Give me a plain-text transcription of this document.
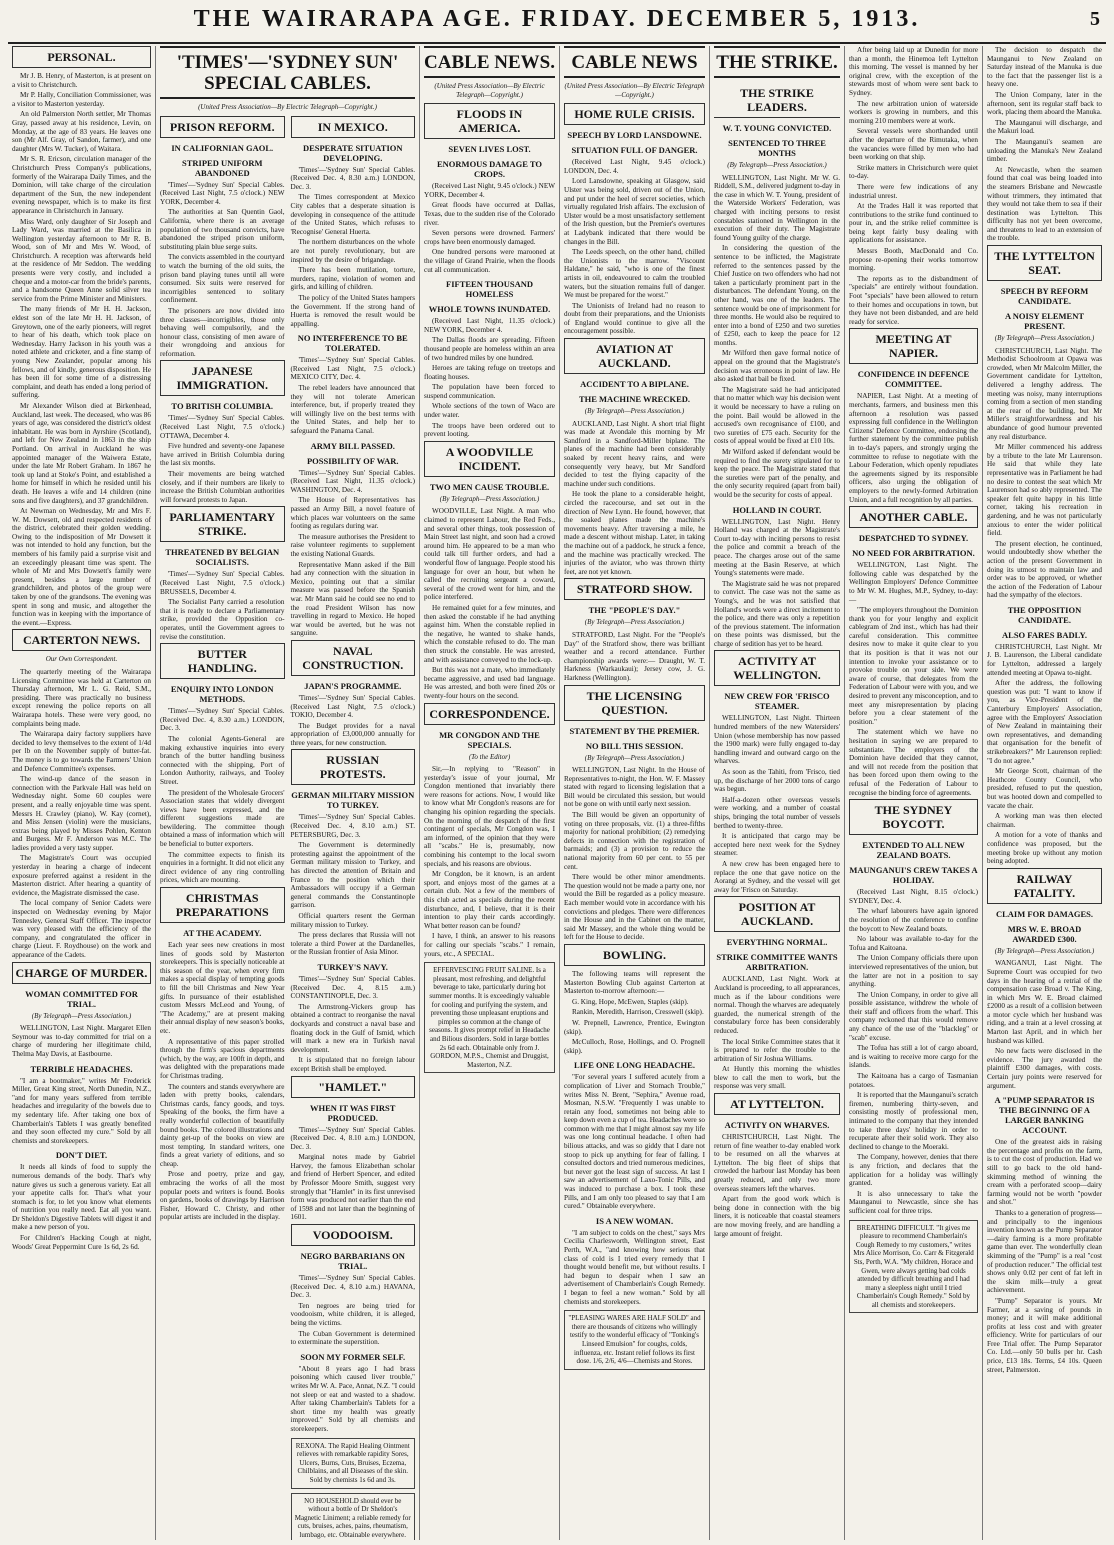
THE WAIRARAPA AGE. FRIDAY. DECEMBER 5, 1913.	5
PERSONAL.

Mr J. B. Henry, of Masterton, is at present on a visit to Christchurch.

Mr P. Hally, Conciliation Commissioner, was a visitor to Masterton yesterday.

An old Palmerston North settler, Mr Thomas Gray, passed away at his residence, Levin, on Monday, at the age of 83 years. He leaves one son (Mr Alf. Gray, of Sandon, farmer), and one daughter (Mrs W. Tucker), of Waitara.

Mr S. R. Ericson, circulation manager of the Christchurch Press Company's publications, formerly of the Wairarapa Daily Times, and the Dominion, will take charge of the circulation department of the Sun, the new independent evening newspaper, which is to make its first appearance in Christchurch in January.

Miss Ward, only daughter of Sir Joseph and Lady Ward, was married at the Basilica in Wellington yesterday afternoon to Mr R. B. Wood, son of Mr and Mrs W. Wood, of Christchurch. A reception was afterwards held at the residence of Mr Seddon. The wedding presents were very costly, and included a cheque and a motor-car from the bride's parents, and a handsome Queen Anne solid silver tea service from the Prime Minister and Ministers.

The many friends of Mr H. H. Jackson, eldest son of the late Mr H. H. Jackson, of Greytown, one of the early pioneers, will regret to hear of his death, which took place on Wednesday. Harry Jackson in his youth was a noted athlete and cricketer, and a fine stamp of young New Zealander, popular among his fellows, and of kindly, generous disposition. He has been ill for some time of a distressing complaint, and death has ended a long period of suffering.

Mr Alexander Wilson died at Birkenhead, Auckland, last week. The deceased, who was 86 years of age, was considered the district's oldest inhabitant. He was born in Ayrshire (Scotland), and left for New Zealand in 1863 in the ship Portland. On arrival in Auckland he was appointed manager of the Waiwera Estate, under the late Mr Robert Graham. In 1867 he took up land at Stoke's Point, and established a home for himself in which he resided until his death. He leaves a wife and 14 children (nine sons and five daughters), and 37 grandchildren.

At Newman on Wednesday, Mr and Mrs F. W. M. Dowsett, old and respected residents of the district, celebrated their golden wedding. Owing to the indisposition of Mr Dowsett it was not intended to hold any function, but the members of his family paid a surprise visit and an exceedingly pleasant time was spent. The whole of Mr and Mrs Dowsett's family were present, besides a large number of grandchildren, and photos of the group were taken by one of the grandsons. The evening was spent in song and music, and altogether the function was in keeping with the importance of the event.—Express.

CARTERTON NEWS.
Our Own Correspondent.

The quarterly meeting of the Wairarapa Licensing Committee was held at Carterton on Thursday afternoon, Mr L. G. Reid, S.M., presiding. There was practically no business except renewing the police reports on all Wairarapa hotels. These were very good, no complaints being made.

The Wairarapa dairy factory suppliers have decided to levy themselves to the extent of 1/4d per lb on the November supply of butter-fat. The money is to go towards the Farmers' Union and Defence Committee's expenses.

The wind-up dance of the season in connection with the Parkvale Hall was held on Wednesday night. Some 60 couples were present, and a really enjoyable time was spent. Messrs H. Crawley (piano), W. Kay (cornet), and Miss Jensen (violin) were the musicians, extras being played by Misses Pohlen, Kenton and Burgess. Mr F. Anderson was M.C. The ladies provided a very tasty supper.

The Magistrate's Court was occupied yesterday in hearing a charge of indecent exposure preferred against a resident in the Masterton district. After hearing a quantity of evidence, the Magistrate dismissed the case.

The local company of Senior Cadets were inspected on Wednesday evening by Major Tennesley, General Staff Officer. The inspector was very pleased with the efficiency of the company, and congratulated the officer in charge (Lieut. F. Roydhouse) on the work and appearance of the Cadets.

CHARGE OF MURDER.
WOMAN COMMITTED FOR TRIAL.
(By Telegraph—Press Association.)

WELLINGTON, Last Night. Margaret Ellen Seymour was to-day committed for trial on a charge of murdering her illegitimate child, Thelma May Davis, at Eastbourne.

TERRIBLE HEADACHES.

"I am a bootmaker," writes Mr Frederick Miller, Great King street, North Dunedin, N.Z., "and for many years suffered from terrible headaches and irregularity of the bowels due to my sedentary life. After taking one box of Chamberlain's Tablets I was greatly benefited and they soon effected my cure." Sold by all chemists and storekeepers.

DON'T DIET.

It needs all kinds of food to supply the numerous demands of the body. That's why nature gives us such a generous variety. Eat all your appetite calls for. That's what your stomach is for, to let you know what elements of nutrition you really need. Eat all you want. Dr Sheldon's Digestive Tablets will digest it and make a new person of you.

For Children's Hacking Cough at night, Woods' Great Peppermint Cure 1s 6d, 2s 6d.

'TIMES'—'SYDNEY SUN' SPECIAL CABLES.
(United Press Association—By Electric Telegraph—Copyright.)
PRISON REFORM.
IN CALIFORNIAN GAOL.
STRIPED UNIFORM ABANDONED

'Times'—'Sydney Sun' Special Cables. (Received Last Night, 7.5 o'clock.) NEW YORK, December 4.

The authorities at San Quentin Gaol, California, where there is an average population of two thousand convicts, have abandoned the striped prison uniform, substituting plain blue serge suits.

The convicts assembled in the courtyard to watch the burning of the old suits, the prison band playing tunes until all were consumed. Six suits were reserved for incorrigibles sentenced to solitary confinement.

The prisoners are now divided into three classes—incorrigibles, those only behaving well compulsorily, and the honour class, consisting of men aware of their wrongdoing and anxious for reformation.

JAPANESE IMMIGRATION.
TO BRITISH COLUMBIA.

'Times'—'Sydney Sun' Special Cables. (Received Last Night, 7.5 o'clock.) OTTAWA, December 4.

Five hundred and seventy-one Japanese have arrived in British Columbia during the last six months.

Their movements are being watched closely, and if their numbers are likely to increase the British Columbian authorities will forward protests to Japan.

PARLIAMENTARY STRIKE.
THREATENED BY BELGIAN SOCIALISTS.

'Times'—'Sydney Sun' Special Cables. (Received Last Night, 7.5 o'clock.) BRUSSELS, December 4.

The Socialist Party carried a resolution that it is ready to declare a Parliamentary strike, provided the Opposition co-operates, until the Government agrees to revise the constitution.

BUTTER HANDLING.
ENQUIRY INTO LONDON METHODS.

'Times'—'Sydney Sun' Special Cables. (Received Dec. 4, 8.30 a.m.) LONDON, Dec. 3.

The colonial Agents-General are making exhaustive inquiries into every branch of the butter handling business connected with the shipping, Port of London Authority, railways, and Tooley Street.

The president of the Wholesale Grocers' Association states that widely divergent views have been expressed, and the different suggestions made are bewildering. The committee though obtained a mass of information which will be beneficial to butter exporters.

The committee expects to finish its enquiries in a fortnight. It did not elicit any direct evidence of any ring controlling prices, which are mounting.

CHRISTMAS PREPARATIONS
AT THE ACADEMY.

Each year sees new creations in most lines of goods sold by Masterton storekeepers. This is specially noticeable at this season of the year, when every firm makes a special display of tempting goods to fill the bill Christmas and New Year gifts. In pursuance of their established custom Messrs McLeod and Young, of "The Academy," are at present making their annual display of new season's books, etc.

A representative of this paper strolled through the firm's spacious departments (which, by the way, are 100ft in depth, and was delighted with the preparations made for Christmas trading.

The counters and stands everywhere are laden with pretty books, calendars, Christmas cards, fancy goods, and toys. Speaking of the books, the firm have a really wonderful collection of beautifully bound books. The colored illustrations and dainty get-up of the books on view are most tempting. In standard writers, one finds a great variety of editions, and so cheap.

Prose and poetry, prize and gay, embracing the works of all the most popular poets and writers is found. Books on gardens, books of drawings by Harrison Fisher, Howard C. Christy, and other popular artists are included in the display.

IN MEXICO.
DESPERATE SITUATION DEVELOPING.

'Times'—'Sydney Sun' Special Cables. (Received Dec. 4, 8.30 a.m.) LONDON, Dec. 3.

The Times correspondent at Mexico City cables that a desperate situation is developing in consequence of the attitude of the United States, which refuses to 'Recognise' General Huerta.

The northern disturbances on the whole are not purely revolutionary, but are inspired by the desire of brigandage.

There has been mutilation, torture, murders, rapine, violation of women and girls, and killing of children.

The policy of the United States hampers the Government. If the strong hand of Huerta is removed the result would be appalling.

NO INTERFERENCE TO BE TOLERATED.

'Times'—'Sydney Sun' Special Cables. (Received Last Night, 7.5 o'clock.) MEXICO CITY, Dec. 4.

The rebel leaders have announced that they will not tolerate American interference, but, if properly treated they will willingly live on the best terms with the United States, and help her to safeguard the Panama Canal.

ARMY BILL PASSED.
POSSIBILITY OF WAR.

'Times'—'Sydney Sun' Special Cables. (Received Last Night, 11.35 o'clock.) WASHINGTON, Dec. 4.

The House of Representatives has passed an Army Bill, a novel feature of which places war volunteers on the same footing as regulars during war.

The measure authorises the President to raise volunteer regiments to supplement the existing National Guards.

Representative Mann asked if the Bill had any connection with the situation in Mexico, pointing out that a similar measure was passed before the Spanish war. Mr Mann said he could see no end to the road President Wilson has now travelling in regard to Mexico. He hoped war would be averted, but he was not sanguine.

NAVAL CONSTRUCTION.
JAPAN'S PROGRAMME.

'Times'—'Sydney Sun' Special Cables. (Received Last Night, 7.5 o'clock.) TOKIO, December 4.

The Budget provides for a naval appropriation of £3,000,000 annually for three years, for new construction.

RUSSIAN PROTESTS.
GERMAN MILITARY MISSION TO TURKEY.

'Times'—'Sydney Sun' Special Cables. (Received Dec. 4, 8.10 a.m.) ST. PETERSBURG, Dec. 3.

The Government is determinedly protesting against the appointment of the German military mission to Turkey, and has directed the attention of Britain and France to the position which their Ambassadors will occupy if a German general commands the Constantinople garrison.

Official quarters resent the German military mission to Turkey.

The press declares that Russia will not tolerate a third Power at the Dardanelles, or the Russian frontier of Asia Minor.

TURKEY'S NAVY.

'Times'—'Sydney Sun' Special Cables. (Received Dec. 4, 8.15 a.m.) CONSTANTINOPLE, Dec. 3.

The Armstrong-Vickers group has obtained a contract to reorganise the naval dockyards and construct a naval base and floating dock in the Gulf of Ismid, which will mark a new era in Turkish naval development.

It is stipulated that no foreign labour except British shall be employed.

"HAMLET."
WHEN IT WAS FIRST PRODUCED.

'Times'—'Sydney Sun' Special Cables. (Received Dec. 4, 8.10 a.m.) LONDON, Dec. 3.

Marginal notes made by Gabriel Harvey, the famous Elizabethan scholar and friend of Herbert Spencer, and edited by Professor Moore Smith, suggest very strongly that "Hamlet" in its first unrevised form was produced not earlier than the end of 1598 and not later than the beginning of 1601.

VOODOOISM.
NEGRO BARBARIANS ON TRIAL.

'Times'—'Sydney Sun' Special Cables. (Received Dec. 4, 8.10 a.m.) HAVANA, Dec. 3.

Ten negroes are being tried for voodooism, white children, it is alleged, being the victims.

The Cuban Government is determined to exterminate the superstition.

SOON MY FORMER SELF.

"About 8 years ago I had brass poisoning which caused liver trouble," writes Mr W. A. Pace, Annat, N.Z. "I could not sleep or eat and wasted to a shadow. After taking Chamberlain's Tablets for a short time my health was greatly improved." Sold by all chemists and storekeepers.

REXONA. The Rapid Healing Ointment relieves with remarkable rapidity Sores, Ulcers, Burns, Cuts, Bruises, Eczema, Chilblains, and all Diseases of the skin. Sold by chemists 1s 6d and 3s.
NO HOUSEHOLD should ever be without a bottle of Dr Sheldon's Magnetic Liniment; a reliable remedy for cuts, bruises, aches, pains, rheumatism, lumbago, etc. Obtainable everywhere.
CABLE NEWS.
(United Press Association—By Electric Telegraph—Copyright.)
FLOODS IN AMERICA.
SEVEN LIVES LOST.
ENORMOUS DAMAGE TO CROPS.

(Received Last Night, 9.45 o'clock.) NEW YORK, December 4.

Great floods have occurred at Dallas, Texas, due to the sudden rise of the Colorado river.

Seven persons were drowned. Farmers' crops have been enormously damaged.

One hundred persons were marooned at the village of Grand Prairie, when the floods cut all communication.

FIFTEEN THOUSAND HOMELESS
WHOLE TOWNS INUNDATED.

(Received Last Night, 11.35 o'clock.) NEW YORK, December 4.

The Dallas floods are spreading. Fifteen thousand people are homeless within an area of two hundred miles by one hundred.

Heroes are taking refuge on treetops and floating houses.

The population have been forced to suspend communication.

Whole sections of the town of Waco are under water.

The troops have been ordered out to prevent looting.

A WOODVILLE INCIDENT.
TWO MEN CAUSE TROUBLE.
(By Telegraph—Press Association.)

WOODVILLE, Last Night. A man who claimed to represent Labour, the Red Feds., and several other things, took possession of Main Street last night, and soon had a crowd around him. He appeared to be a man who could talk till further orders, and had a wonderful flow of language. People stood his language for over an hour, but when he called the recruiting sergeant a coward, several of the crowd went for him, and the police interfered.

He remained quiet for a few minutes, and then asked the constable if he had anything against him. When the constable replied in the negative, he wanted to shake hands, which the constable refused to do. The man then struck the constable. He was arrested, and with assistance conveyed to the lock-up.

But this was not a mate, who immediately became aggressive, and used bad language. He was arrested, and both were fined 20s or twenty-four hours on the second.

CORRESPONDENCE.
MR CONGDON AND THE SPECIALS.
(To the Editor)

Sir,—In replying to "Reason" in yesterday's issue of your journal, Mr Congdon mentioned that invariably there were reasons for actions. Now, I would like to know what Mr Congdon's reasons are for changing his opinion regarding the specials. On the morning of the despatch of the first contingent of specials, Mr Congdon was, I am informed, of the opinion that they were all "scabs." He is, presumably, now combining his contempt to the local sworn specials, and his reasons are obvious.

Mr Congdon, be it known, is an ardent sport, and enjoys most of the games at a certain club. Not a few of the members of this club acted as specials during the recent disturbance, and, I believe, that it is their intention to play their cards accordingly. What better reason can be found?

I have, I think, an answer to his reasons for calling our specials "scabs." I remain, yours, etc., A SPECIAL.

EFFERVESCING FRUIT SALINE. Is a pleasant, most refreshing, and delightful beverage to take, particularly during hot summer months. It is exceedingly valuable for cooling and purifying the system, and preventing those unpleasant eruptions and pimples so common at the change of seasons. It gives prompt relief in Headache and Bilious disorders. Sold in large bottles 2s 6d each. Obtainable only from J. GORDON, M.P.S., Chemist and Druggist, Masterton, N.Z.
CABLE NEWS
(United Press Association—By Electric Telegraph—Copyright.)
HOME RULE CRISIS.
SPEECH BY LORD LANSDOWNE.
SITUATION FULL OF DANGER.

(Received Last Night, 9.45 o'clock.) LONDON, Dec. 4.

Lord Lansdowne, speaking at Glasgow, said Ulster was being sold, driven out of the Union, and put under the heel of secret societies, which virtually regulated Irish affairs. The exclusion of Ulster would be a most unsatisfactory settlement of the Irish question, but the Premier's overtures at Ladybank indicated that there would be changes in the Bill.

The Leeds speech, on the other hand, chilled the Unionists to the marrow. "Viscount Haldane," he said, "who is one of the finest artists in oil, endeavoured to calm the troubled waters, but the situation remains full of danger. We must be prepared for the worst."

The Unionists of Ireland had no reason to doubt from their preparations, and the Unionists of England would continue to give all the encouragement possible.

AVIATION AT AUCKLAND.
ACCIDENT TO A BIPLANE.
THE MACHINE WRECKED.
(By Telegraph—Press Association.)

AUCKLAND, Last Night. A short trial flight was made at Avondale this morning by Mr Sandford in a Sandford-Miller biplane. The planes of the machine had been considerably soaked by recent heavy rains, and were consequently very heavy, but Mr Sandford decided to test the flying capacity of the machine under such conditions.

He took the plane to a considerable height, circled the racecourse, and set out in the direction of New Lynn. He found, however, that the soaked planes made the machine's movements heavy. After traversing a mile, he made a descent without mishap. Later, in taking the machine out of a paddock, he struck a fence, and the machine was practically wrecked. The injuries of the aviator, who was thrown thirty feet, are not yet known.

STRATFORD SHOW.
THE "PEOPLE'S DAY."
(By Telegraph—Press Association.)

STRATFORD, Last Night. For the "People's Day" of the Stratford show, there was brilliant weather and a record attendance. Further championship awards were:— Draught, W. T. Harkness (Warkaukaui); Jersey cow, J. G. Harkness (Wellington).

THE LICENSING QUESTION.
STATEMENT BY THE PREMIER.
NO BILL THIS SESSION.
(By Telegraph—Press Association.)

WELLINGTON, Last Night. In the House of Representatives to-night, the Hon. W. F. Massey stated with regard to licensing legislation that a Bill would be circulated this session, but would not be gone on with until early next session.

The Bill would be given an opportunity of voting on three proposals, viz. (1) a three-fifths majority for national prohibition; (2) remedying defects in connection with the registration of barmaids; and (3) a provision to reduce the national majority from 60 per cent. to 55 per cent.

There would be other minor amendments. The question would not be made a party one, nor would the Bill be regarded as a policy measure. Each member would vote in accordance with his convictions and pledges. There were differences in the House and in the Cabinet on the matter, said Mr Massey, and the whole thing would be left for the House to decide.

BOWLING.

The following teams will represent the Masterton Bowling Club against Carterton at Masterton to-morrow afternoon:—

G. King, Hope, McEwen, Staples (skip).

Rankin, Meredith, Harrison, Cresswell (skip).

W. Prepnell, Lawrence, Prentice, Ewington (skip).

McCulloch, Rose, Hollings, and O. Prognell (skip).

LIFE ONE LONG HEADACHE.

"For several years I suffered acutely from a complication of Liver and Stomach Trouble," writes Miss N. Brent, "Sephira," Avenue road, Mosman, N.S.W. "Frequently I was unable to retain any food, sometimes not being able to keep down even a cup of tea. Headaches were so common with me that I might almost say my life was one long continual headache. I often had bilious attacks, and was so giddy that I dare not stoop to pick up anything for fear of falling. I consulted doctors and tried numerous medicines, but never got the least sign of success. At last I saw an advertisement of Laxo-Tonic Pills, and was induced to purchase a box. I took these Pills, and I am only too pleased to say that I am cured." Obtainable everywhere.

IS A NEW WOMAN.

"I am subject to colds on the chest," says Mrs Cecilia Charlesworth, Wellington street, East Perth, W.A., "and knowing how serious that class of cold is I tried every remedy that I thought would benefit me, but without results. I had begun to despair when I saw an advertisement of Chamberlain's Cough Remedy. I began to feel a new woman." Sold by all chemists and storekeepers.

"PLEASING WARES ARE HALF SOLD" and there are thousands of citizens who willingly testify to the wonderful efficacy of "Tonking's Linseed Emulsion" for coughs, colds, influenza, etc. Instant relief follows its first dose. 1/6, 2/6, 4/6—Chemists and Stores.
THE STRIKE.
THE STRIKE LEADERS.
W. T. YOUNG CONVICTED.
SENTENCED TO THREE MONTHS
(By Telegraph—Press Association.)

WELLINGTON, Last Night. Mr W. G. Riddell, S.M., delivered judgment to-day in the case in which W. T. Young, president of the Waterside Workers' Federation, was charged with inciting persons to resist constables stationed in Wellington in the execution of their duty. The Magistrate found Young guilty of the charge.

In considering the question of the sentence to be inflicted, the Magistrate referred to the sentences passed by the Chief Justice on two offenders who had not taken a particularly prominent part in the disturbances. The defendant Young, on the other hand, was one of the leaders. The sentence would be one of imprisonment for three months. He would also be required to enter into a bond of £250 and two sureties of £250, each to keep the peace for 12 months.

Mr Wilford then gave formal notice of appeal on the ground that the Magistrate's decision was erroneous in point of law. He also asked that bail be fixed.

The Magistrate said he had anticipated that no matter which way his decision went it would be necessary to have a ruling on the point. Bail would be allowed in the accused's own recognisance of £100, and two sureties of £75 each. Security for the costs of appeal would be fixed at £10 10s.

Mr Wilford asked if defendant would be required to find the surety stipulated for to keep the peace. The Magistrate stated that the sureties were part of the penalty, and the only security required (apart from bail) would be the security for costs of appeal.

HOLLAND IN COURT.

WELLINGTON, Last Night. Henry Holland was charged at the Magistrate's Court to-day with inciting persons to resist the police and commit a breach of the peace. The charges arose out of the same meeting at the Basin Reserve, at which Young's statements were made.

The Magistrate said he was not prepared to convict. The case was not the same as Young's, and he was not satisfied that Holland's words were a direct incitement to the police, and there was only a repetition of the previous statement. The information on these points was dismissed, but the charge of sedition has yet to be heard.

ACTIVITY AT WELLINGTON.
NEW CREW FOR 'FRISCO STEAMER.

WELLINGTON, Last Night. Thirteen hundred members of the new Watersiders' Union (whose membership has now passed the 1900 mark) were fully engaged to-day handling inward and outward cargo on the wharves.

As soon as the Tahiti, from 'Frisco, tied up, the discharge of her 2000 tons of cargo was begun.

Half-a-dozen other overseas vessels were working, and a number of coastal ships, bringing the total number of vessels berthed to twenty-three.

It is anticipated that cargo may be accepted here next week for the Sydney steamer.

A new crew has been engaged here to replace the one that gave notice on the Aorangi at Sydney, and the vessel will get away for 'Frisco on Saturday.

POSITION AT AUCKLAND.
EVERYTHING NORMAL.
STRIKE COMMITTEE WANTS ARBITRATION.

AUCKLAND, Last Night. Work at Auckland is proceeding, to all appearances, much as if the labour conditions were normal. Though the wharves are adequately guarded, the numerical strength of the constabulary force has been considerably reduced.

The local Strike Committee states that it is prepared to refer the trouble to the arbitration of Sir Joshua Williams.

At Huntly this morning the whistles blew to call the men to work, but the response was very small.

AT LYTTELTON.
ACTIVITY ON WHARVES.

CHRISTCHURCH, Last Night. The return of fine weather to-day enabled work to be resumed on all the wharves at Lyttelton. The big fleet of ships that crowded the harbour last Monday has been greatly reduced, and only two more overseas steamers left the wharves.

Apart from the good work which is being done in connection with the big liners, it is noticeable that coastal steamers are now moving freely, and are handling a large amount of freight.

After being laid up at Dunedin for more than a month, the Hinemoa left Lyttelton this morning. The vessel is manned by her original crew, with the exception of the stewards most of whom were sent back to Sydney.

The new arbitration union of waterside workers is growing in numbers, and this morning 210 members were at work.

Several vessels were shorthanded until after the departure of the Rimutaka, when the vacancies were filled by men who had been working on that ship.

Strike matters in Christchurch were quiet to-day.

There were few indications of any industrial unrest.

At the Trades Hall it was reported that contributions to the strike fund continued to pour in, and the strike relief committee is being kept fairly busy dealing with applications for assistance.

Messrs Booth, MacDonald and Co. propose re-opening their works tomorrow morning.

The reports as to the disbandment of "specials" are entirely without foundation. Foot "specials" have been allowed to return to their homes and occupations in town, but they have not been disbanded, and are held ready for service.

MEETING AT NAPIER.
CONFIDENCE IN DEFENCE COMMITTEE.

NAPIER, Last Night. At a meeting of merchants, farmers, and business men this afternoon a resolution was passed expressing full confidence in the Wellington Citizens' Defence Committee, endorsing the further statement by the committee publish in to-day's papers, and strongly urging the committee to refuse to negotiate with the Labour Federation, which openly repudiates the agreements signed by its responsible officers, also urging the obligation of employers to the newly-formed Arbitration Union, and a full recognition by all parties.

ANOTHER CABLE.
DESPATCHED TO SYDNEY.
NO NEED FOR ARBITRATION.

WELLINGTON, Last Night. The following cable was despatched by the Wellington Employers' Defence Committee to Mr W. M. Hughes, M.P., Sydney, to-day:—

"The employers throughout the Dominion thank you for your lengthy and explicit cablegram of 2nd inst., which has had their careful consideration. This committee desires now to make it quite clear to you that its position is that it was not our intention to invoke your assistance or to provoke trouble on your side. We were aware of course, that delegates from the Federation of Labour were with you, and we desired to prevent any misconception, and to meet any misrepresentation by placing before you a clear statement of the position."

The statement which we have no hesitation in saying we are prepared to substantiate. The employers of the Dominion have decided that they cannot, and will not recede from the position that has been forced upon them owing to the refusal of the Federation of Labour to recognise the binding force of agreements.

THE SYDNEY BOYCOTT.
EXTENDED TO ALL NEW ZEALAND BOATS.
MAUNGANUI'S CREW TAKES A HOLIDAY.

(Received Last Night, 8.15 o'clock.) SYDNEY, Dec. 4.

The wharf labourers have again ignored the resolution of the conference to confine the boycott to New Zealand boats.

No labour was available to-day for the Tofua and Kaitoana.

The Union Company officials there upon interviewed representatives of the union, but the latter are not in a position to say anything.

The Union Company, in order to give all possible assistance, withdrew the whole of their staff and officers from the wharf. This company reckoned that this would remove any chance of the use of the "blackleg" or "scab" excuse.

The Tofua has still a lot of cargo aboard, and is waiting to receive more cargo for the islands.

The Kaitoana has a cargo of Tasmanian potatoes.

It is reported that the Maunganui's scratch firemen, numbering thirty-seven, and consisting mostly of professional men, intimated to the company that they intended to take three days' holiday in order to recuperate after their solid work. They also declined to change to the Moeraki.

The Company, however, denies that there is any friction, and declares that the application for a holiday was willingly granted.

It is also unnecessary to take the Maunganui to Newcastle, since she has sufficient coal for three trips.

BREATHING DIFFICULT. "It gives me pleasure to recommend Chamberlain's Cough Remedy to my customers," writes Mrs Alice Morrison, Co. Carr & Fitzgerald Sts, Perth, W.A. "My children, Horace and Gwen, were always getting bad colds attended by difficult breathing and I had many a sleepless night until I tried Chamberlain's Cough Remedy." Sold by all chemists and storekeepers.

The decision to despatch the Maunganui to New Zealand on Saturday instead of the Manuka is due to the fact that the passenger list is a heavy one.

The Union Company, later in the afternoon, sent its regular staff back to work, placing them aboard the Manuka.

The Maunganui will discharge, and the Makuri load.

The Maunganui's seamen are unloading the Manuka's New Zealand timber.

At Newcastle, when the seamen found that coal was being loaded into the steamers Brisbane and Newcastle without trimmers, they intimated that they would not take them to sea if their destination was Lyttelton. This difficulty has not yet been overcome, and threatens to lead to an extension of the trouble.

THE LYTTELTON SEAT.
SPEECH BY REFORM CANDIDATE.
A NOISY ELEMENT PRESENT.
(By Telegraph—Press Association.)

CHRISTCHURCH, Last Night. The Methodist Schoolroom at Opawa was crowded, when Mr Malcolm Miller, the Government candidate for Lyttelton, delivered a lengthy address. The meeting was noisy, many interruptions coming from a section of men standing at the rear of the building, but Mr Miller's straightforwardness and his abundance of good humour prevented any real disturbance.

Mr Miller commenced his address by a tribute to the late Mr Laurenson. He said that while they late representative was in Parliament he had no desire to contest the seat which Mr Laurenson had so ably represented. The speaker felt quite happy in his little corner, taking his recreation in gardening, and he was not particularly anxious to enter the wider political field.

The present election, he continued, would undoubtedly show whether the action of the present Government in doing its utmost to maintain law and order was to be approved, or whether the action of the Federation of Labour had the sympathy of the electors.

THE OPPOSITION CANDIDATE.
ALSO FARES BADLY.

CHRISTCHURCH, Last Night. Mr J. B. Laurenson, the Liberal candidate for Lyttelton, addressed a largely attended meeting at Opawa to-night.

After the address, the following question was put: "I want to know if you, as Vice-President of the Canterbury Employers' Association, agree with the Employers' Association of New Zealand in maintaining their own representatives, and demanding that organisation for the benefit of strikebreakers?" Mr Laurenson replied: "I do not agree."

Mr George Scott, chairman of the Heathcote County Council, who presided, refused to put the question, but was hooted down and compelled to vacate the chair.

A working man was then elected chairman.

A motion for a vote of thanks and confidence was proposed, but the meeting broke up without any motion being adopted.

RAILWAY FATALITY.
CLAIM FOR DAMAGES.
MRS W. E. BROAD AWARDED £300.
(By Telegraph—Press Association.)

WANGANUI, Last Night. The Supreme Court was occupied for two days in the hearing of a retrial of the compensation case Broad v. The King, in which Mrs W. E. Broad claimed £2000 as a result of a collision between a motor cycle which her husband was riding, and a train at a level crossing at Marton last April, and in which her husband was killed.

No new facts were disclosed in the evidence. The jury awarded the plaintiff £300 damages, with costs. Certain jury points were reserved for argument.

A "PUMP SEPARATOR IS THE BEGINNING OF A LARGER BANKING ACCOUNT.

One of the greatest aids in raising the percentage and profits on the farm, is to cut the cost of production. Had we still to go back to the old hand-skimming method of winning the cream with a perforated scoop—dairy farming would not be worth "powder and shot."

Thanks to a generation of progress—and principally to the ingenious invention known as the Pump Separator—dairy farming is a more profitable game than ever. The wonderfully clean skimming of the "Pump" is a real "cost of production reducer." The official test shows only 0.02 per cent of fat left in the skim milk—truly a great achievement.

"Pump" Separator is yours. Mr Farmer, at a saving of pounds in money; and it will make additional profits at less cost and with greater efficiency. Write for particulars of our Free Trial offer. The Pump Separator Co. Ltd.—only 50 bulls per hr. Cash price, £13 18s. Terms, £4 10s. Queen street, Palmerston.
